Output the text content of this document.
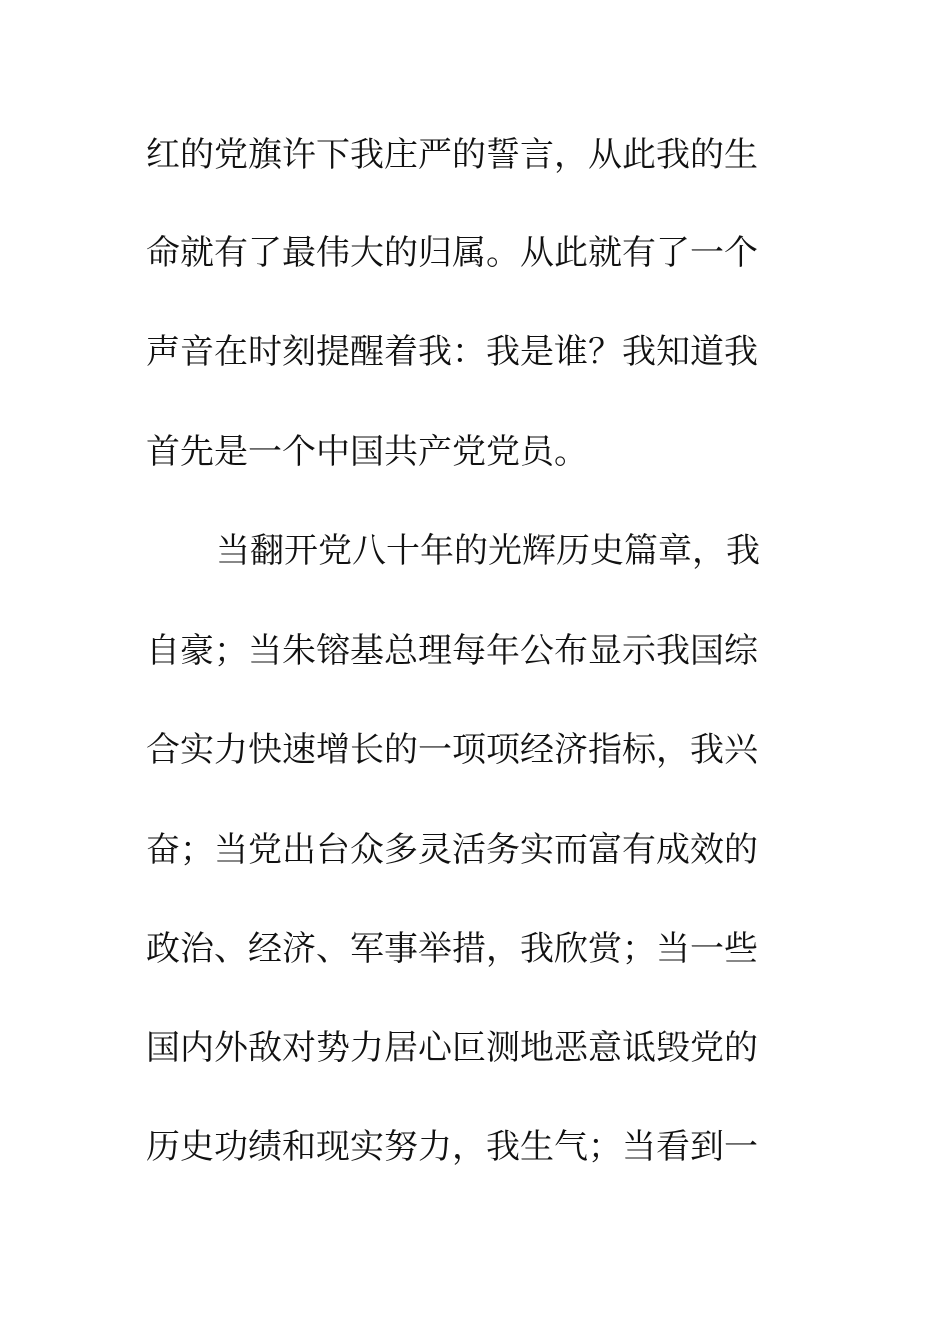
红的党旗许下我庄严的誓言，从此我的生
命就有了最伟大的归属。从此就有了一个
声音在时刻提醒着我：我是谁？我知道我
首先是一个中国共产党党员。
当翻开党八十年的光辉历史篇章，我
自豪；当朱镕基总理每年公布显示我国综
合实力快速增长的一项项经济指标，我兴
奋；当党出台众多灵活务实而富有成效的
政治、经济、军事举措，我欣赏；当一些
国内外敌对势力居心叵测地恶意诋毁党的
历史功绩和现实努力，我生气；当看到一
